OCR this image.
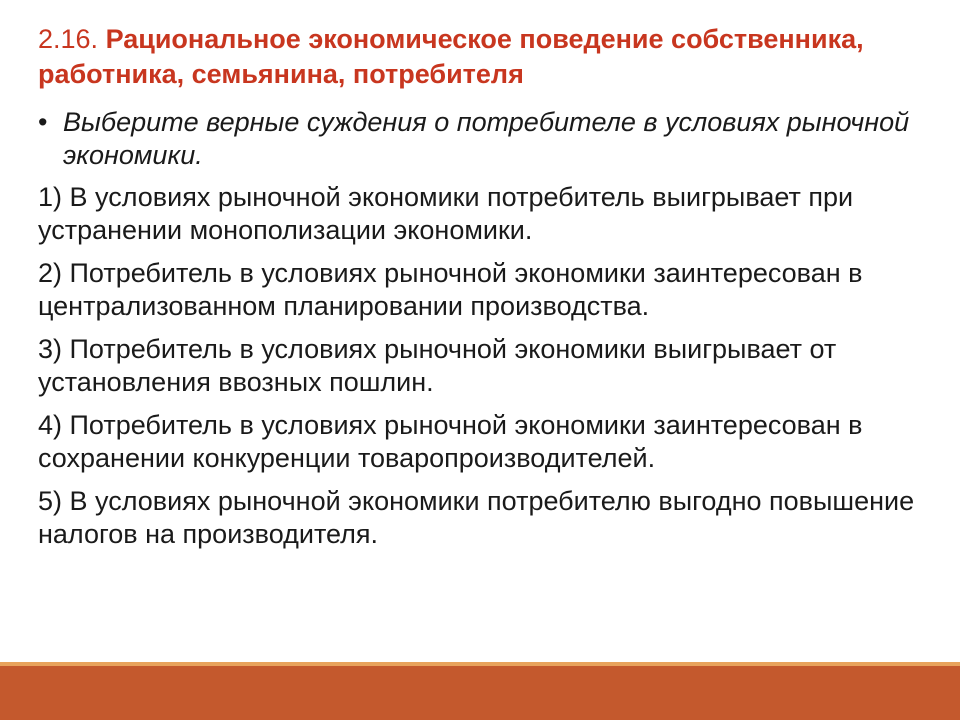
2.16. Рациональное экономическое поведение собственника, работника, семьянина, потребителя
• Выберите верные суждения о потребителе в условиях рыночной экономики.
1) В условиях рыночной экономики потребитель выигрывает при устранении монополизации экономики.
2) Потребитель в условиях рыночной экономики заинтересован в централизованном планировании производства.
3) Потребитель в условиях рыночной экономики выигрывает от установления ввозных пошлин.
4) Потребитель в условиях рыночной экономики заинтересован в сохранении конкуренции товаропроизводителей.
5) В условиях рыночной экономики потребителю выгодно повышение налогов на производителя.
